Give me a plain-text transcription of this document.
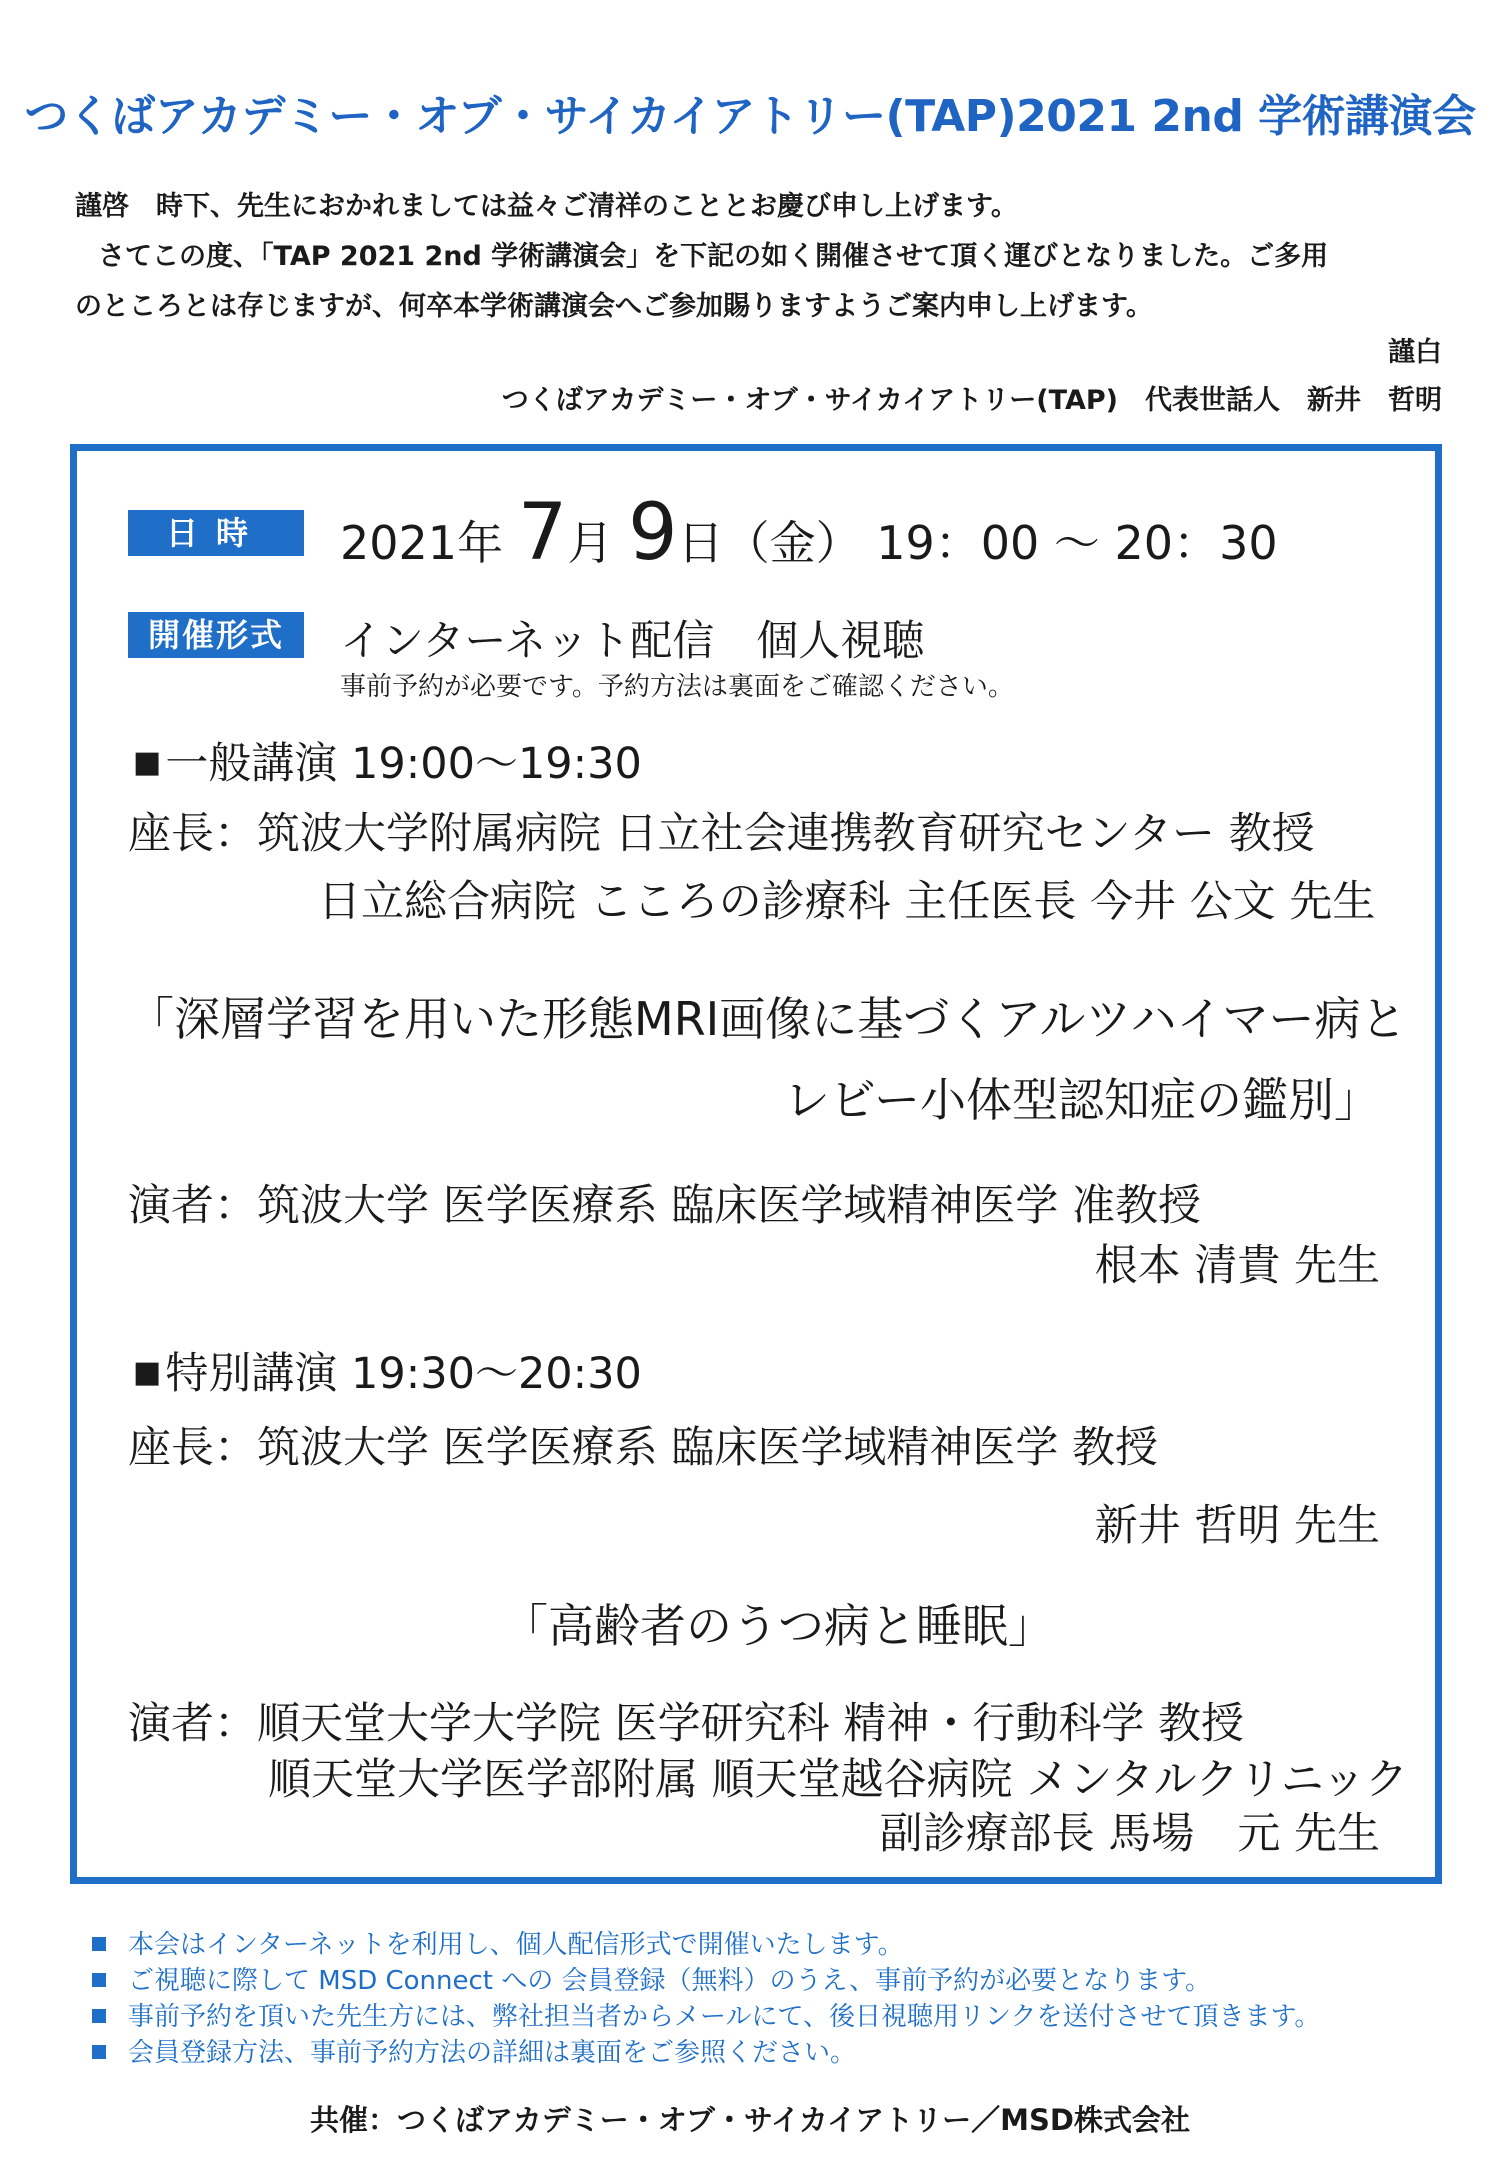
つくばアカデミー・オブ・サイカイアトリー(TAP)2021 2nd 学術講演会
謹啓　時下、先生におかれましては益々ご清祥のこととお慶び申し上げます。
さてこの度、「TAP 2021 2nd 学術講演会」を下記の如く開催させて頂く運びとなりました。ご多用
のところとは存じますが、何卒本学術講演会へご参加賜りますようご案内申し上げます。
謹白
つくばアカデミー・オブ・サイカイアトリー(TAP)　代表世話人　新井　哲明
日時	2021年 7月 9日（金） 19：00 ～ 20：30
開催形式	インターネット配信　個人視聴
事前予約が必要です。予約方法は裏面をご確認ください。
■一般講演 19:00～19:30
座長：筑波大学附属病院 日立社会連携教育研究センター 教授
日立総合病院 こころの診療科 主任医長 今井 公文 先生
「深層学習を用いた形態MRI画像に基づくアルツハイマー病と
レビー小体型認知症の鑑別」
演者：筑波大学 医学医療系 臨床医学域精神医学 准教授
根本 清貴 先生
■特別講演 19:30～20:30
座長：筑波大学 医学医療系 臨床医学域精神医学 教授
新井 哲明 先生
「高齢者のうつ病と睡眠」
演者：順天堂大学大学院 医学研究科 精神・行動科学 教授
順天堂大学医学部附属 順天堂越谷病院 メンタルクリニック
副診療部長 馬場　元 先生
本会はインターネットを利用し、個人配信形式で開催いたします。
ご視聴に際して MSD Connect への 会員登録（無料）のうえ、事前予約が必要となります。
事前予約を頂いた先生方には、弊社担当者からメールにて、後日視聴用リンクを送付させて頂きます。
会員登録方法、事前予約方法の詳細は裏面をご参照ください。
共催：つくばアカデミー・オブ・サイカイアトリー／MSD株式会社
